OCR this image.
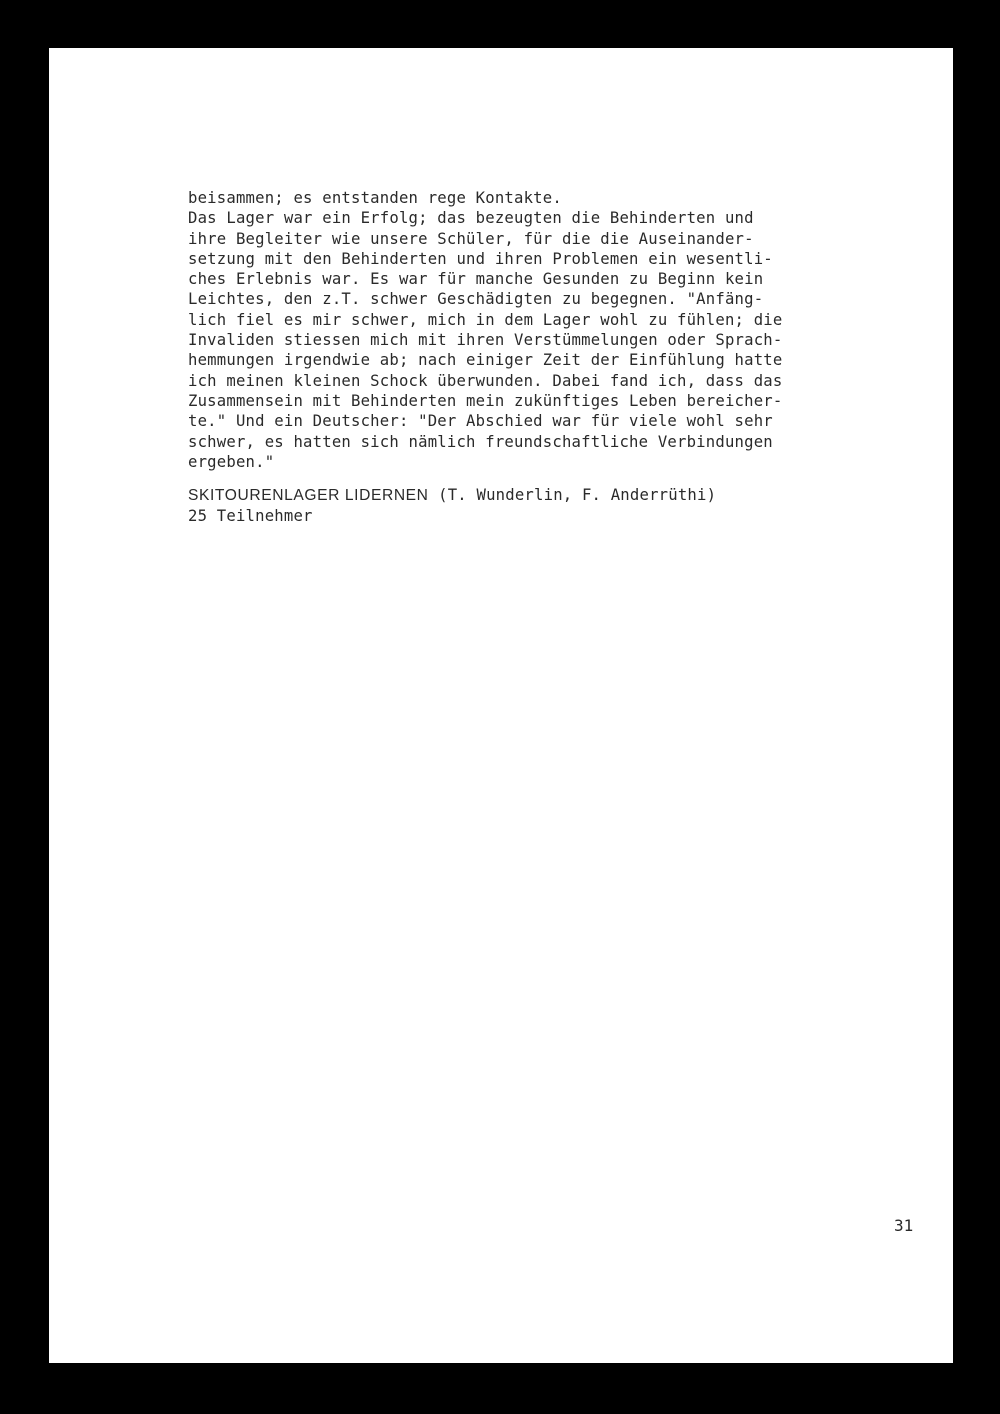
beisammen; es entstanden rege Kontakte.
Das Lager war ein Erfolg; das bezeugten die Behinderten und
ihre Begleiter wie unsere Schüler, für die die Auseinander-
setzung mit den Behinderten und ihren Problemen ein wesentli-
ches Erlebnis war. Es war für manche Gesunden zu Beginn kein
Leichtes, den z.T. schwer Geschädigten zu begegnen. "Anfäng-
lich fiel es mir schwer, mich in dem Lager wohl zu fühlen; die
Invaliden stiessen mich mit ihren Verstümmelungen oder Sprach-
hemmungen irgendwie ab; nach einiger Zeit der Einfühlung hatte
ich meinen kleinen Schock überwunden. Dabei fand ich, dass das
Zusammensein mit Behinderten mein zukünftiges Leben bereicher-
te." Und ein Deutscher: "Der Abschied war für viele wohl sehr
schwer, es hatten sich nämlich freundschaftliche Verbindungen
ergeben."
SKITOURENLAGER LIDERNEN (T. Wunderlin, F. Anderrüthi)
25 Teilnehmer
31
